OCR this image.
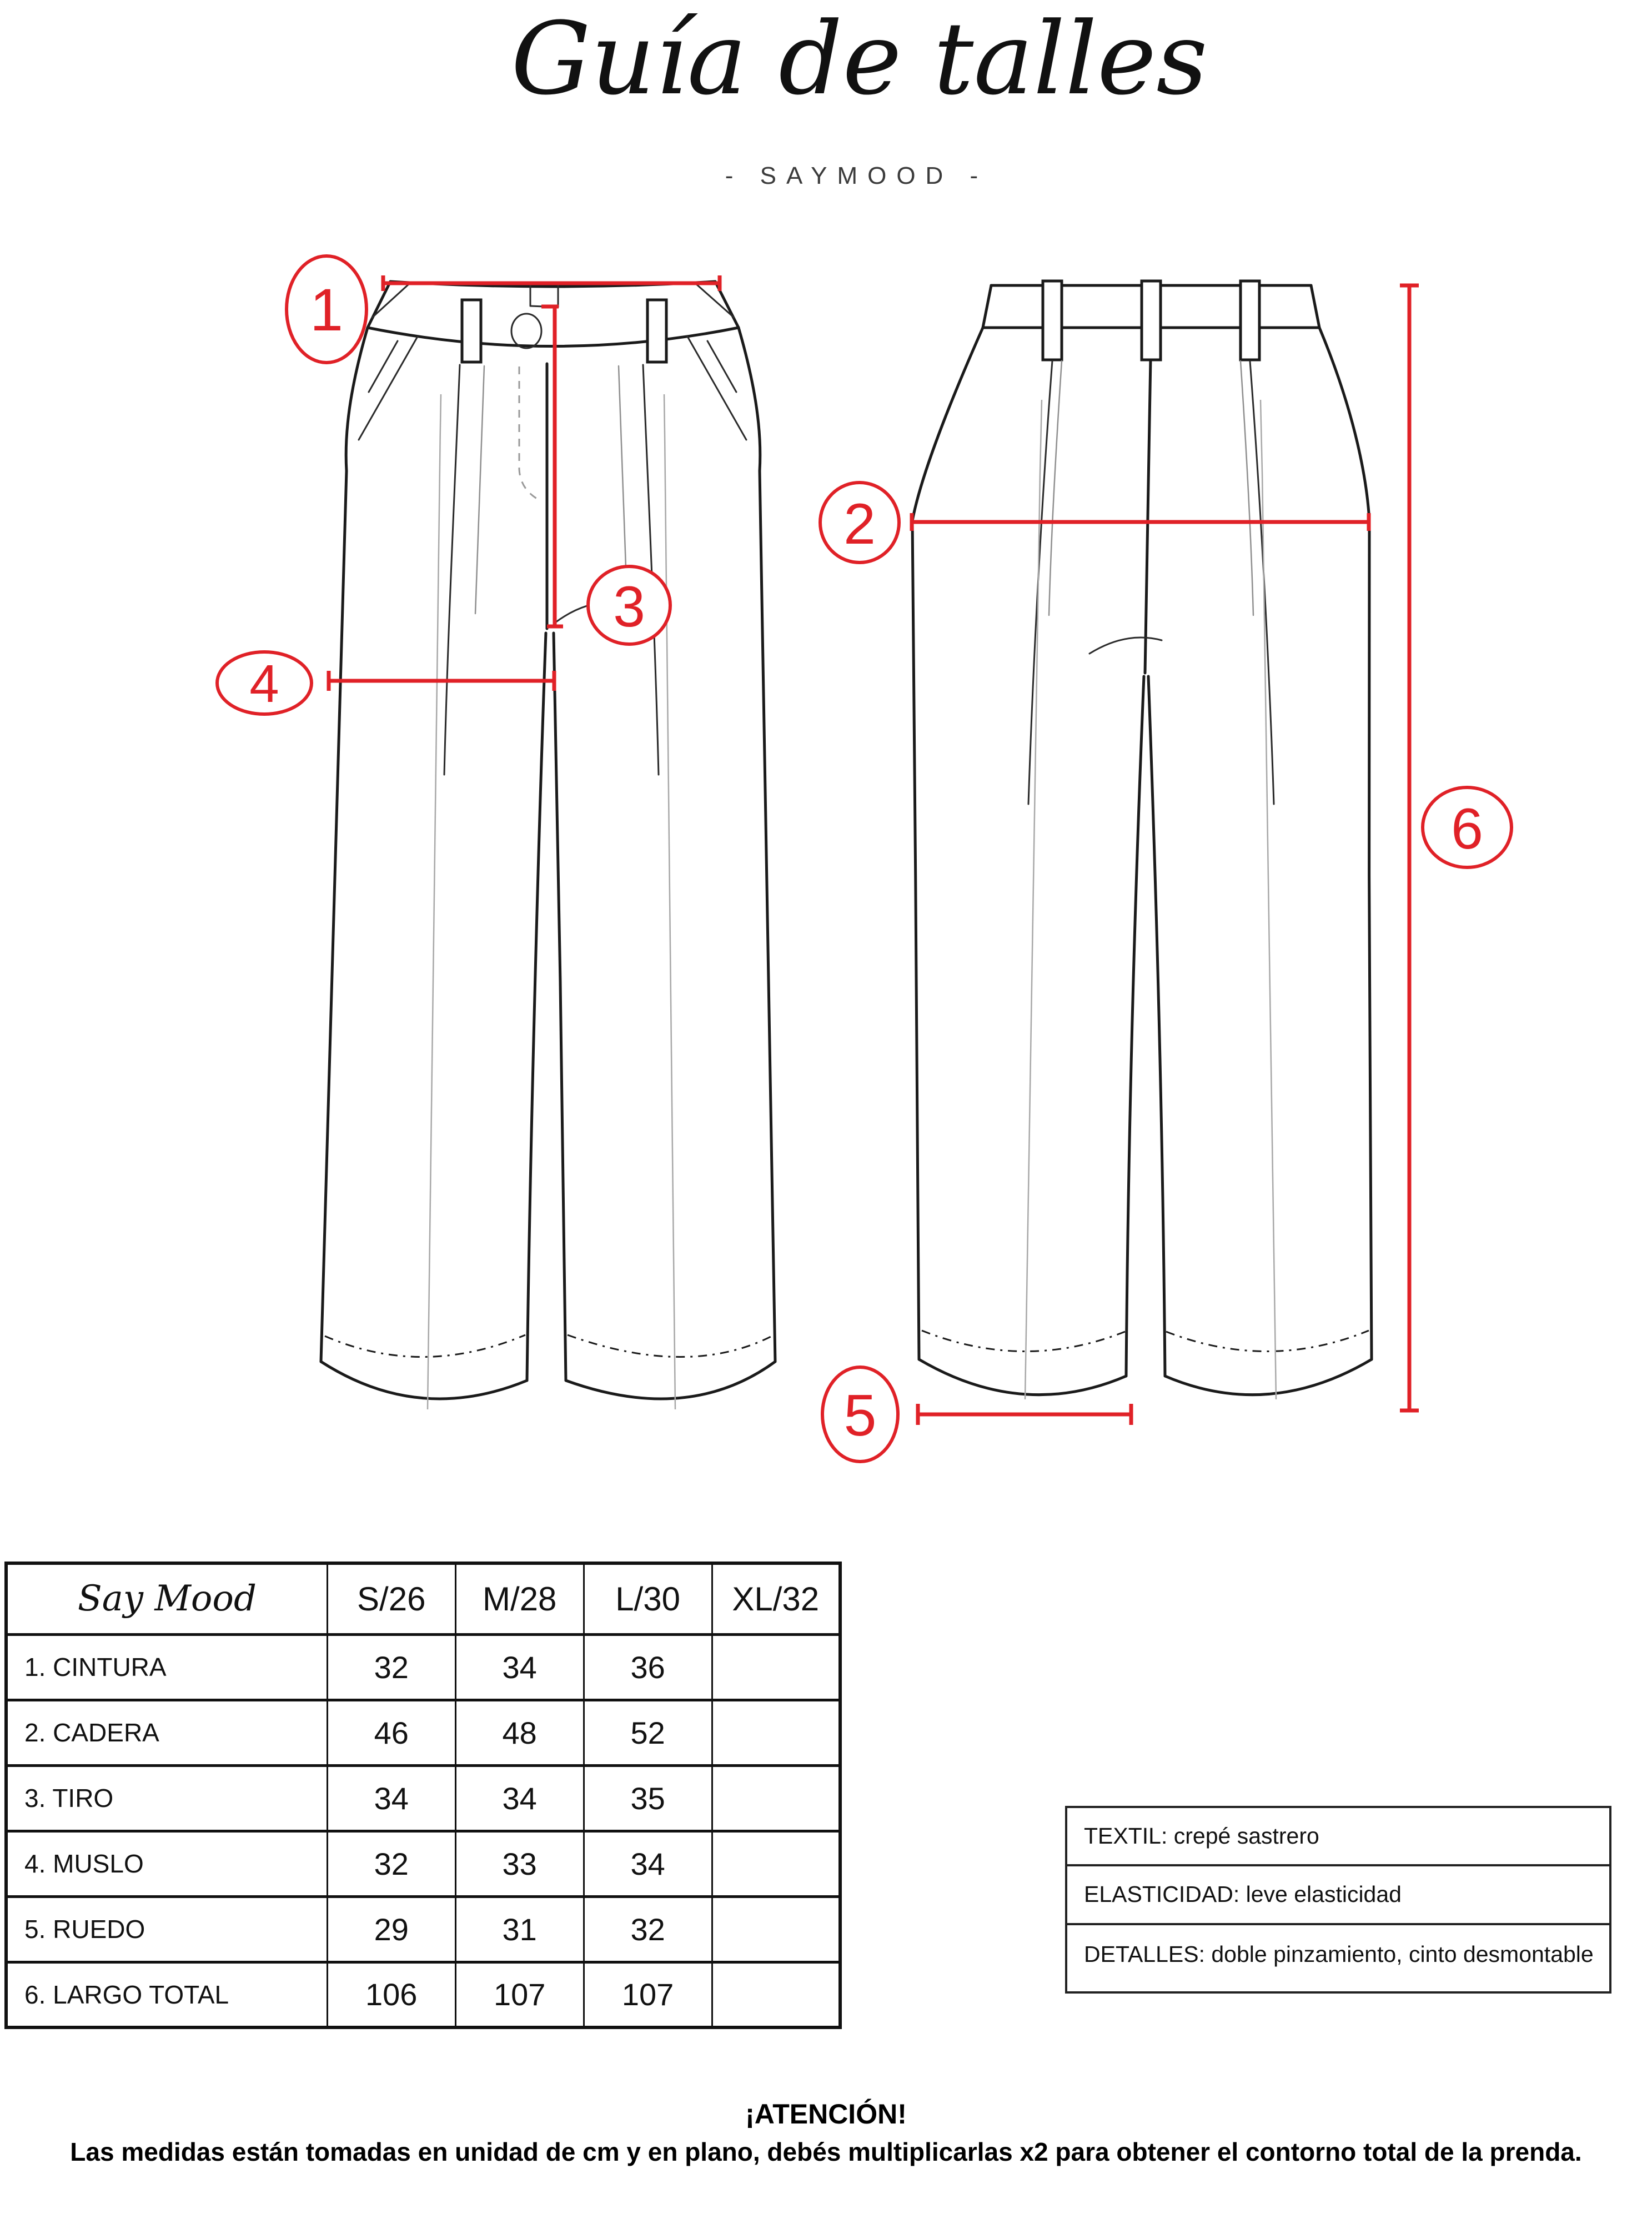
Guía de talles
- SAYMOOD -
1
2
3
4
5
6
Say Mood	S/26	M/28	L/30	XL/32
1. CINTURA	32	34	36	
2. CADERA	46	48	52	
3. TIRO	34	34	35	
4. MUSLO	32	33	34	
5. RUEDO	29	31	32	
6. LARGO TOTAL	106	107	107	
TEXTIL: crepé sastrero
ELASTICIDAD: leve elasticidad
DETALLES: doble pinzamiento, cinto desmontable
¡ATENCIÓN!
Las medidas están tomadas en unidad de cm y en plano, debés multiplicarlas x2 para obtener el contorno total de la prenda.
